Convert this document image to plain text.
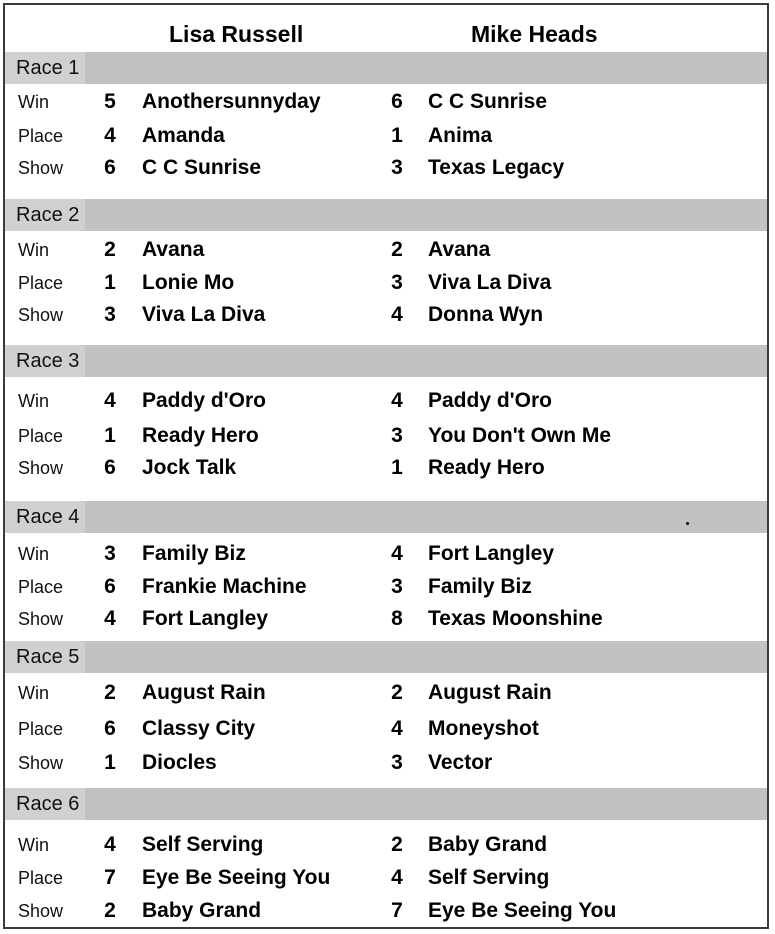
Lisa Russell	Mike Heads
Race 1
Win	5 Anothersunnyday	6 C C Sunrise
Place 4 Amanda	1 Anima
Show 6 C C Sunrise	3 Texas Legacy
Race 2
Win	2 Avana	2 Avana
Place 1 Lonie Mo	3 Viva La Diva
Show 3 Viva La Diva	4 Donna Wyn
Race 3
Win	4 Paddy d'Oro	4 Paddy d'Oro
Place 1 Ready Hero	3 You Don't Own Me
Show 6 Jock Talk	1 Ready Hero
Race 4
Win	3 Family Biz	4 Fort Langley
Place 6 Frankie Machine	3 Family Biz
Show 4 Fort Langley	8 Texas Moonshine
Race 5
Win	2 August Rain	2 August Rain
Place 6 Classy City	4 Moneyshot
Show 1 Diocles	3 Vector
Race 6
Win	4 Self Serving	2 Baby Grand
Place 7 Eye Be Seeing You	4 Self Serving
Show 2 Baby Grand	7 Eye Be Seeing You
